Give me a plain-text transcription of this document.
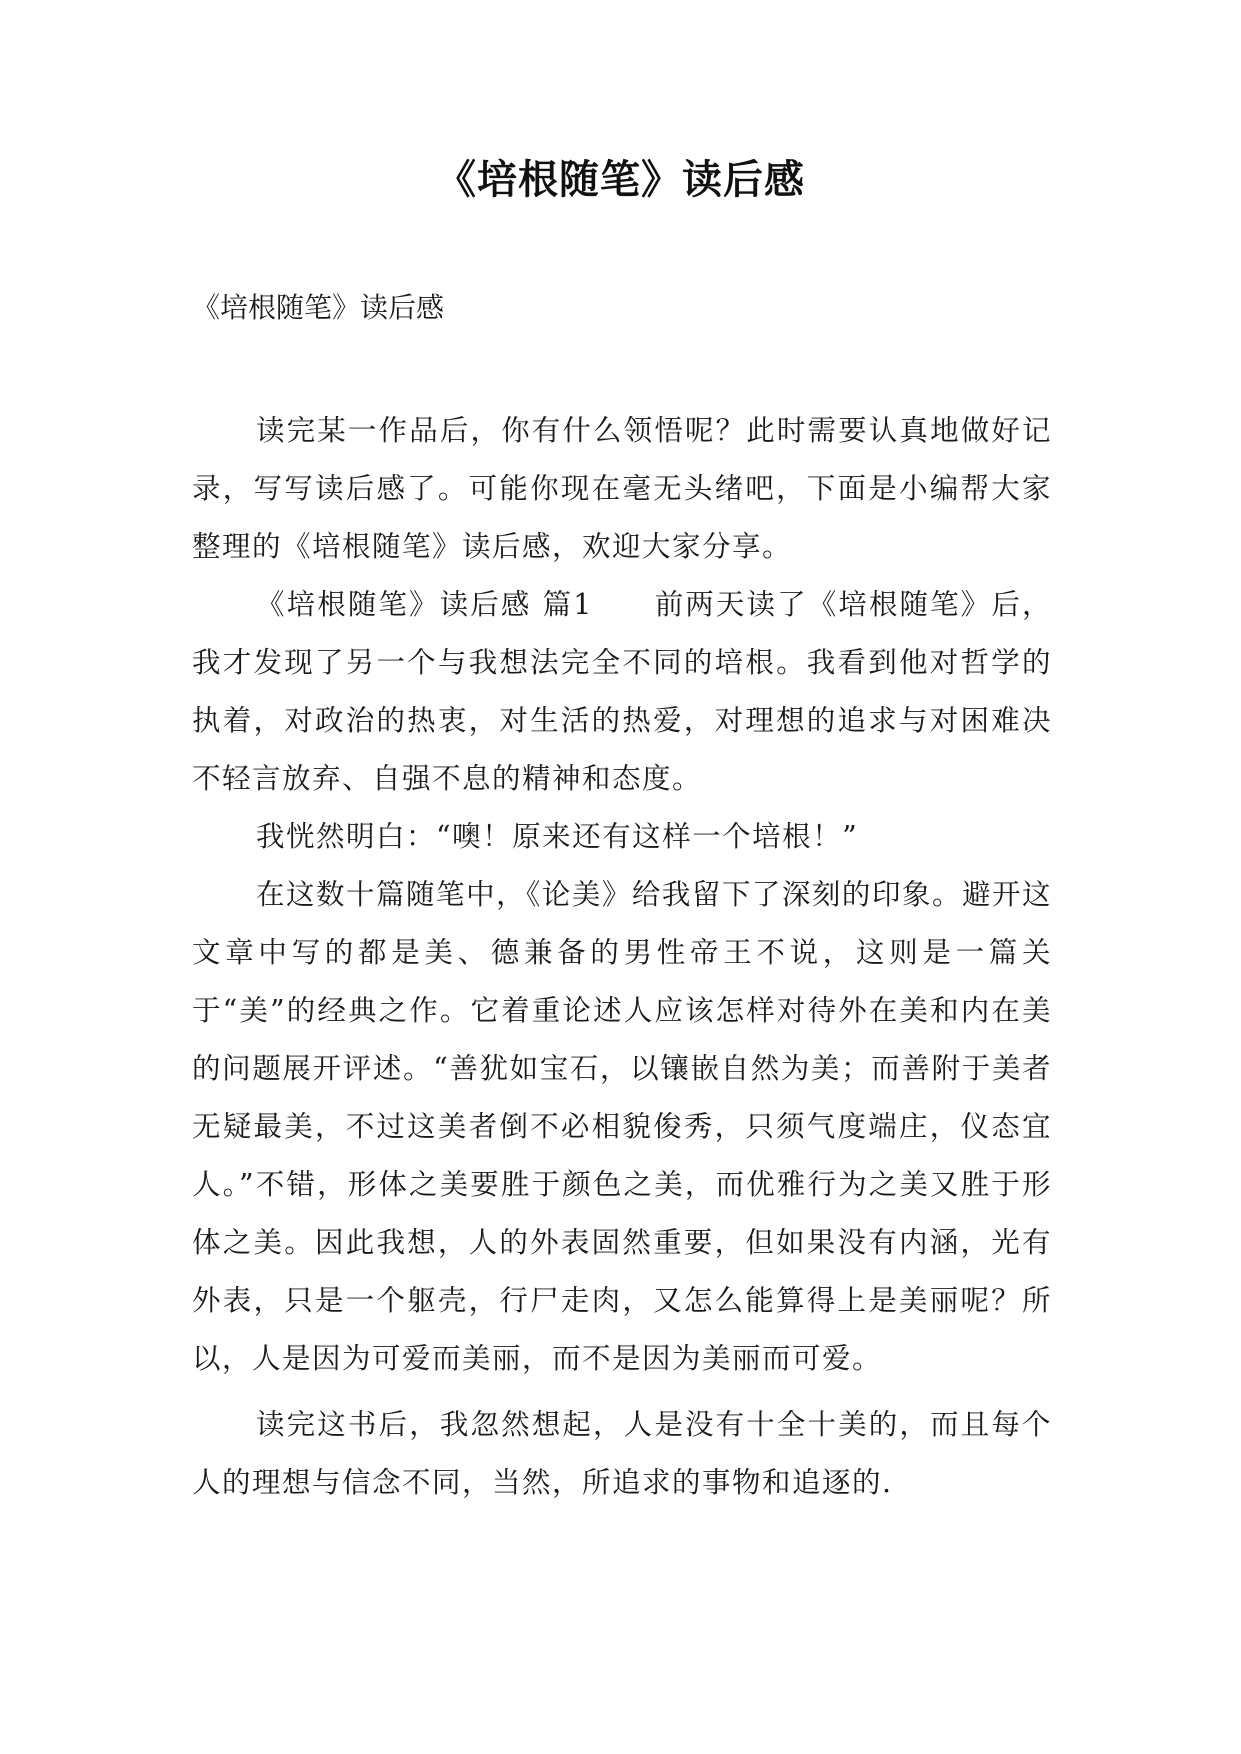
《培根随笔》读后感
《培根随笔》读后感

读完某一作品后，你有什么领悟呢？此时需要认真地做好记录，写写读后感了。可能你现在毫无头绪吧，下面是小编帮大家整理的《培根随笔》读后感，欢迎大家分享。

《培根随笔》读后感 篇1　　前两天读了《培根随笔》后，我才发现了另一个与我想法完全不同的培根。我看到他对哲学的执着，对政治的热衷，对生活的热爱，对理想的追求与对困难决不轻言放弃、自强不息的精神和态度。

我恍然明白：“噢！原来还有这样一个培根！”

在这数十篇随笔中，《论美》给我留下了深刻的印象。避开这文章中写的都是美、德兼备的男性帝王不说，这则是一篇关于“美”的经典之作。它着重论述人应该怎样对待外在美和内在美的问题展开评述。“善犹如宝石，以镶嵌自然为美；而善附于美者无疑最美，不过这美者倒不必相貌俊秀，只须气度端庄，仪态宜人。”不错，形体之美要胜于颜色之美，而优雅行为之美又胜于形体之美。因此我想，人的外表固然重要，但如果没有内涵，光有外表，只是一个躯壳，行尸走肉，又怎么能算得上是美丽呢？所以，人是因为可爱而美丽，而不是因为美丽而可爱。

读完这书后，我忽然想起，人是没有十全十美的，而且每个人的理想与信念不同，当然，所追求的事物和追逐的.
